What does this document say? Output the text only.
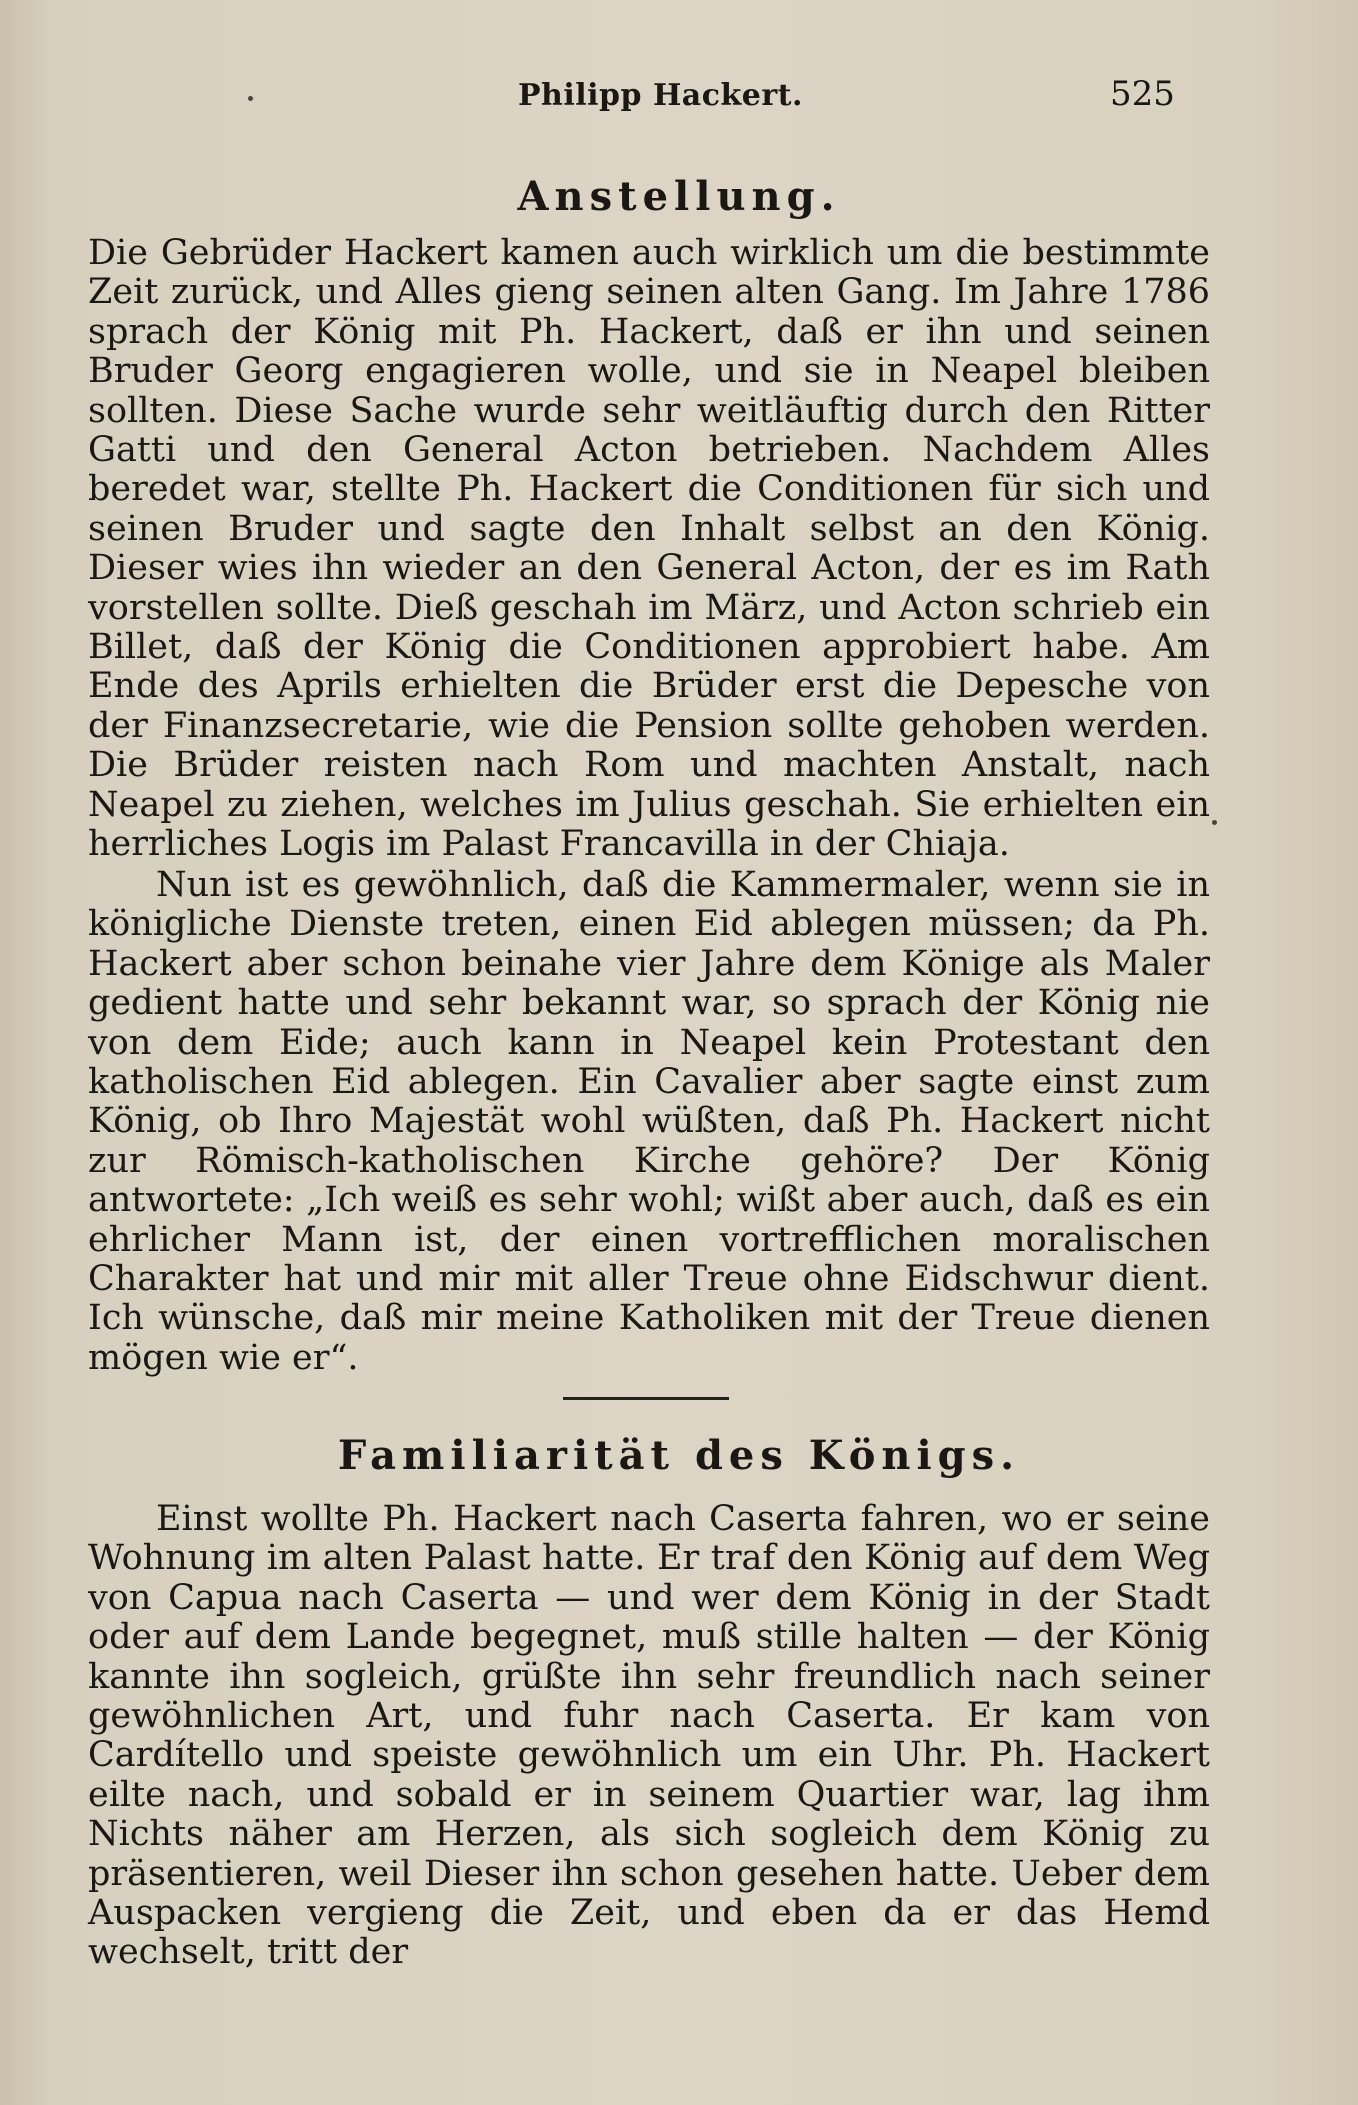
Philipp Hackert.	525
Anstellung.

Die Gebrüder Hackert kamen auch wirklich um die bestimmte Zeit zurück, und Alles gieng seinen alten Gang. Im Jahre 1786 sprach der König mit Ph. Hackert, daß er ihn und seinen Bruder Georg engagieren wolle, und sie in Neapel bleiben sollten. Diese Sache wurde sehr weitläuftig durch den Ritter Gatti und den General Acton betrieben. Nachdem Alles beredet war, stellte Ph. Hackert die Conditionen für sich und seinen Bruder und sagte den Inhalt selbst an den König. Dieser wies ihn wieder an den General Acton, der es im Rath vorstellen sollte. Dieß geschah im März, und Acton schrieb ein Billet, daß der König die Conditionen approbiert habe. Am Ende des Aprils erhielten die Brüder erst die Depesche von der Finanzsecretarie, wie die Pension sollte gehoben werden. Die Brüder reisten nach Rom und machten Anstalt, nach Neapel zu ziehen, welches im Julius geschah. Sie erhielten ein herrliches Logis im Palast Francavilla in der Chiaja.

Nun ist es gewöhnlich, daß die Kammermaler, wenn sie in königliche Dienste treten, einen Eid ablegen müssen; da Ph. Hackert aber schon beinahe vier Jahre dem Könige als Maler gedient hatte und sehr bekannt war, so sprach der König nie von dem Eide; auch kann in Neapel kein Protestant den katholischen Eid ablegen. Ein Cavalier aber sagte einst zum König, ob Ihro Majestät wohl wüßten, daß Ph. Hackert nicht zur Römisch-katholischen Kirche gehöre? Der König antwortete: „Ich weiß es sehr wohl; wißt aber auch, daß es ein ehrlicher Mann ist, der einen vortrefflichen moralischen Charakter hat und mir mit aller Treue ohne Eidschwur dient. Ich wünsche, daß mir meine Katholiken mit der Treue dienen mögen wie er“.

Familiarität des Königs.

Einst wollte Ph. Hackert nach Caserta fahren, wo er seine Wohnung im alten Palast hatte. Er traf den König auf dem Weg von Capua nach Caserta — und wer dem König in der Stadt oder auf dem Lande begegnet, muß stille halten — der König kannte ihn sogleich, grüßte ihn sehr freundlich nach seiner gewöhnlichen Art, und fuhr nach Caserta. Er kam von Cardítello und speiste gewöhnlich um ein Uhr. Ph. Hackert eilte nach, und sobald er in seinem Quartier war, lag ihm Nichts näher am Herzen, als sich sogleich dem König zu präsentieren, weil Dieser ihn schon gesehen hatte. Ueber dem Auspacken vergieng die Zeit, und eben da er das Hemd wechselt, tritt der
